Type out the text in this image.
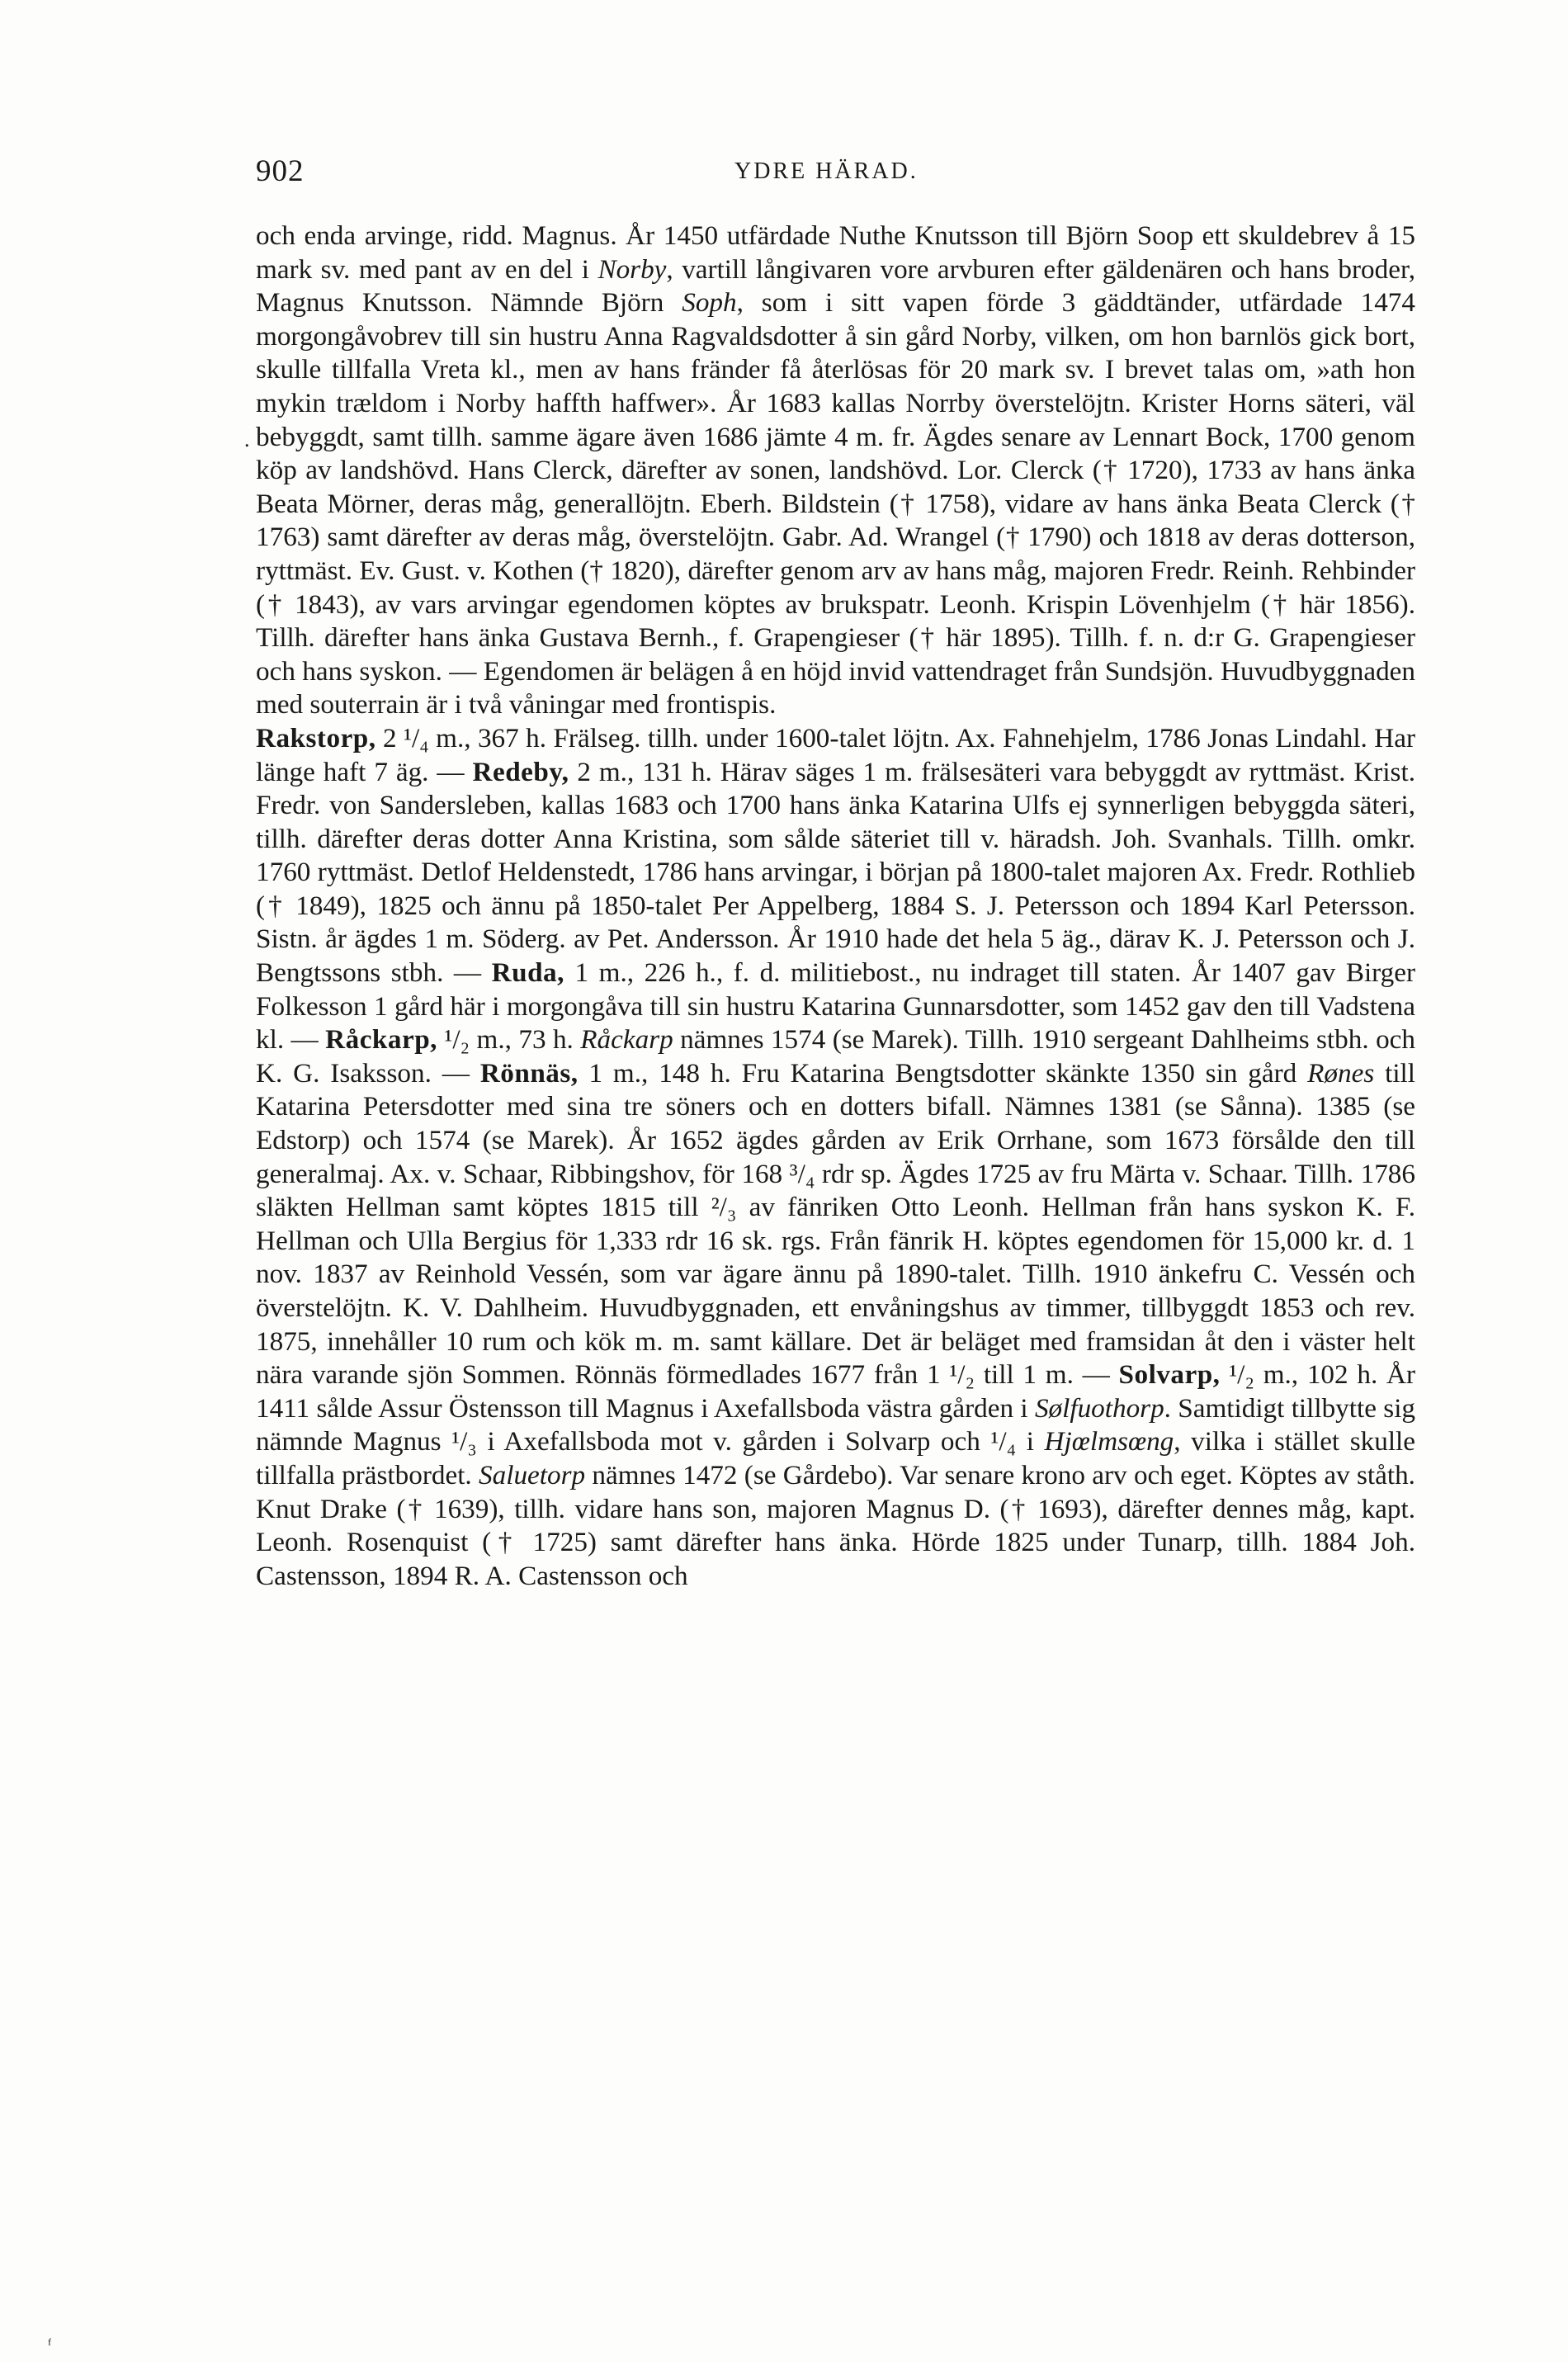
902	YDRE HÄRAD.
.

och enda arvinge, ridd. Magnus. År 1450 utfärdade Nuthe Knutsson till Björn Soop ett skuldebrev å 15 mark sv. med pant av en del i Norby, vartill långivaren vore arvburen efter gäldenären och hans broder, Magnus Knutsson. Nämnde Björn Soph, som i sitt vapen förde 3 gäddtänder, utfärdade 1474 morgongåvobrev till sin hustru Anna Ragvaldsdotter å sin gård Norby, vilken, om hon barnlös gick bort, skulle tillfalla Vreta kl., men av hans fränder få återlösas för 20 mark sv. I brevet talas om, »ath hon mykin trældom i Norby haffth haffwer». År 1683 kallas Norrby överstelöjtn. Krister Horns säteri, väl bebyggdt, samt tillh. samme ägare även 1686 jämte 4 m. fr. Ägdes senare av Lennart Bock, 1700 genom köp av landshövd. Hans Clerck, därefter av sonen, landshövd. Lor. Clerck († 1720), 1733 av hans änka Beata Mörner, deras måg, generallöjtn. Eberh. Bildstein († 1758), vidare av hans änka Beata Clerck († 1763) samt därefter av deras måg, överstelöjtn. Gabr. Ad. Wrangel († 1790) och 1818 av deras dotterson, ryttmäst. Ev. Gust. v. Kothen († 1820), därefter genom arv av hans måg, majoren Fredr. Reinh. Rehbinder († 1843), av vars arvingar egendomen köptes av brukspatr. Leonh. Krispin Lövenhjelm († här 1856). Tillh. därefter hans änka Gustava Bernh., f. Grapengieser († här 1895). Tillh. f. n. d:r G. Grapengieser och hans syskon. — Egendomen är belägen å en höjd invid vattendraget från Sundsjön. Huvudbyggnaden med souterrain är i två våningar med frontispis.

Rakstorp, 2 ¹/₄ m., 367 h. Frälseg. tillh. under 1600-talet löjtn. Ax. Fahnehjelm, 1786 Jonas Lindahl. Har länge haft 7 äg. — Redeby, 2 m., 131 h. Härav säges 1 m. frälsesäteri vara bebyggdt av ryttmäst. Krist. Fredr. von Sandersleben, kallas 1683 och 1700 hans änka Katarina Ulfs ej synnerligen bebyggda säteri, tillh. därefter deras dotter Anna Kristina, som sålde säteriet till v. häradsh. Joh. Svanhals. Tillh. omkr. 1760 ryttmäst. Detlof Heldenstedt, 1786 hans arvingar, i början på 1800-talet majoren Ax. Fredr. Rothlieb († 1849), 1825 och ännu på 1850-talet Per Appelberg, 1884 S. J. Petersson och 1894 Karl Petersson. Sistn. år ägdes 1 m. Söderg. av Pet. Andersson. År 1910 hade det hela 5 äg., därav K. J. Petersson och J. Bengtssons stbh. — Ruda, 1 m., 226 h., f. d. militiebost., nu indraget till staten. År 1407 gav Birger Folkesson 1 gård här i morgongåva till sin hustru Katarina Gunnarsdotter, som 1452 gav den till Vadstena kl. — Råckarp, ¹/₂ m., 73 h. Råckarp nämnes 1574 (se Marek). Tillh. 1910 sergeant Dahlheims stbh. och K. G. Isaksson. — Rönnäs, 1 m., 148 h. Fru Katarina Bengtsdotter skänkte 1350 sin gård Rønes till Katarina Petersdotter med sina tre söners och en dotters bifall. Nämnes 1381 (se Sånna). 1385 (se Edstorp) och 1574 (se Marek). År 1652 ägdes gården av Erik Orrhane, som 1673 försålde den till generalmaj. Ax. v. Schaar, Ribbingshov, för 168 ³/₄ rdr sp. Ägdes 1725 av fru Märta v. Schaar. Tillh. 1786 släkten Hellman samt köptes 1815 till ²/₃ av fänriken Otto Leonh. Hellman från hans syskon K. F. Hellman och Ulla Bergius för 1,333 rdr 16 sk. rgs. Från fänrik H. köptes egendomen för 15,000 kr. d. 1 nov. 1837 av Reinhold Vessén, som var ägare ännu på 1890-talet. Tillh. 1910 änkefru C. Vessén och överstelöjtn. K. V. Dahlheim. Huvudbyggnaden, ett envåningshus av timmer, tillbyggdt 1853 och rev. 1875, innehåller 10 rum och kök m. m. samt källare. Det är beläget med framsidan åt den i väster helt nära varande sjön Sommen. Rönnäs förmedlades 1677 från 1 ¹/₂ till 1 m. — Solvarp, ¹/₂ m., 102 h. År 1411 sålde Assur Östensson till Magnus i Axefallsboda västra gården i Sølfuothorp. Samtidigt tillbytte sig nämnde Magnus ¹/₃ i Axefallsboda mot v. gården i Solvarp och ¹/₄ i Hjœlmsœng, vilka i stället skulle tillfalla prästbordet. Saluetorp nämnes 1472 (se Gårdebo). Var senare krono arv och eget. Köptes av ståth. Knut Drake († 1639), tillh. vidare hans son, majoren Magnus D. († 1693), därefter dennes måg, kapt. Leonh. Rosenquist († 1725) samt därefter hans änka. Hörde 1825 under Tunarp, tillh. 1884 Joh. Castensson, 1894 R. A. Castensson och

ᶠ
